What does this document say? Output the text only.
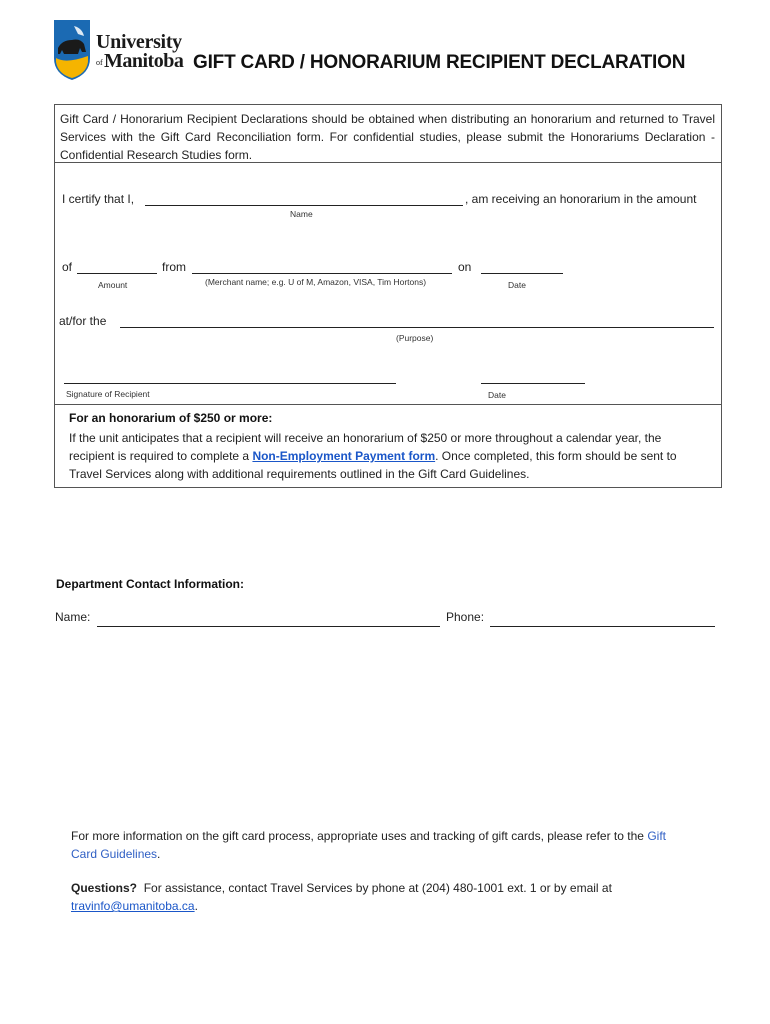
University
of Manitoba GIFT CARD / HONORARIUM RECIPIENT DECLARATION
Gift Card / Honorarium Recipient Declarations should be obtained when distributing an honorarium and returned to Travel Services with the Gift Card Reconciliation form. For confidential studies, please submit the Honorariums Declaration - Confidential Research Studies form.
I certify that I,	, am receiving an honorarium in the amount
Name
of	from	on
Amount	(Merchant name; e.g. U of M, Amazon, VISA, Tim Hortons)	Date
at/for the
(Purpose)
Signature of Recipient	Date
For an honorarium of $250 or more:
If the unit anticipates that a recipient will receive an honorarium of $250 or more throughout a calendar year, the recipient is required to complete a Non-Employment Payment form. Once completed, this form should be sent to Travel Services along with additional requirements outlined in the Gift Card Guidelines.
Department Contact Information:
Name:	Phone:
For more information on the gift card process, appropriate uses and tracking of gift cards, please refer to the Gift Card Guidelines.
Questions? For assistance, contact Travel Services by phone at (204) 480-1001 ext. 1 or by email at travinfo@umanitoba.ca.
